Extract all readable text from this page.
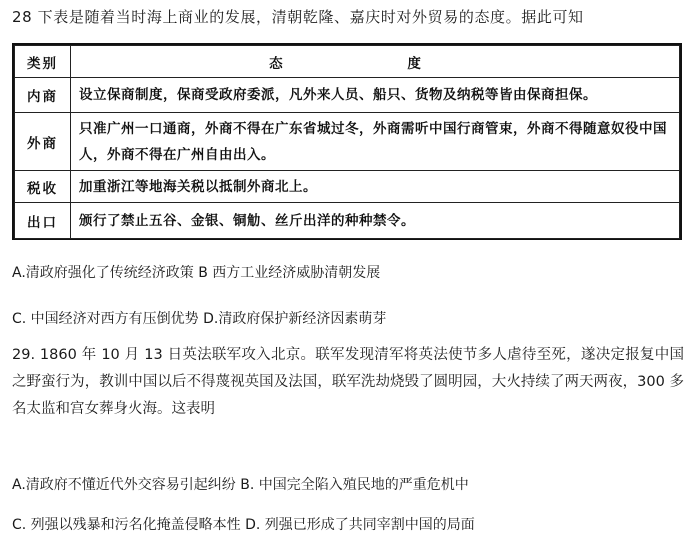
28 下表是随着当时海上商业的发展，清朝乾隆、嘉庆时对外贸易的态度。据此可知
类别	态 度
内商	设立保商制度，保商受政府委派，凡外来人员、船只、货物及纳税等皆由保商担保。
外商	只准广州一口通商，外商不得在广东省城过冬，外商需听中国行商管束，外商不得随意奴役中国人，外商不得在广州自由出入。
税收	加重浙江等地海关税以抵制外商北上。
出口	颁行了禁止五谷、金银、铜觔、丝斤出洋的种种禁令。
A.清政府强化了传统经济政策 B 西方工业经济威胁清朝发展
C. 中国经济对西方有压倒优势 D.清政府保护新经济因素萌芽
29. 1860 年 10 月 13 日英法联军攻入北京。联军发现清军将英法使节多人虐待至死，遂决定报复中国之野蛮行为，教训中国以后不得蔑视英国及法国，联军洗劫烧毁了圆明园，大火持续了两天两夜，300 多名太监和宫女葬身火海。这表明
A.清政府不懂近代外交容易引起纠纷 B. 中国完全陷入殖民地的严重危机中
C. 列强以残暴和污名化掩盖侵略本性 D. 列强已形成了共同宰割中国的局面
